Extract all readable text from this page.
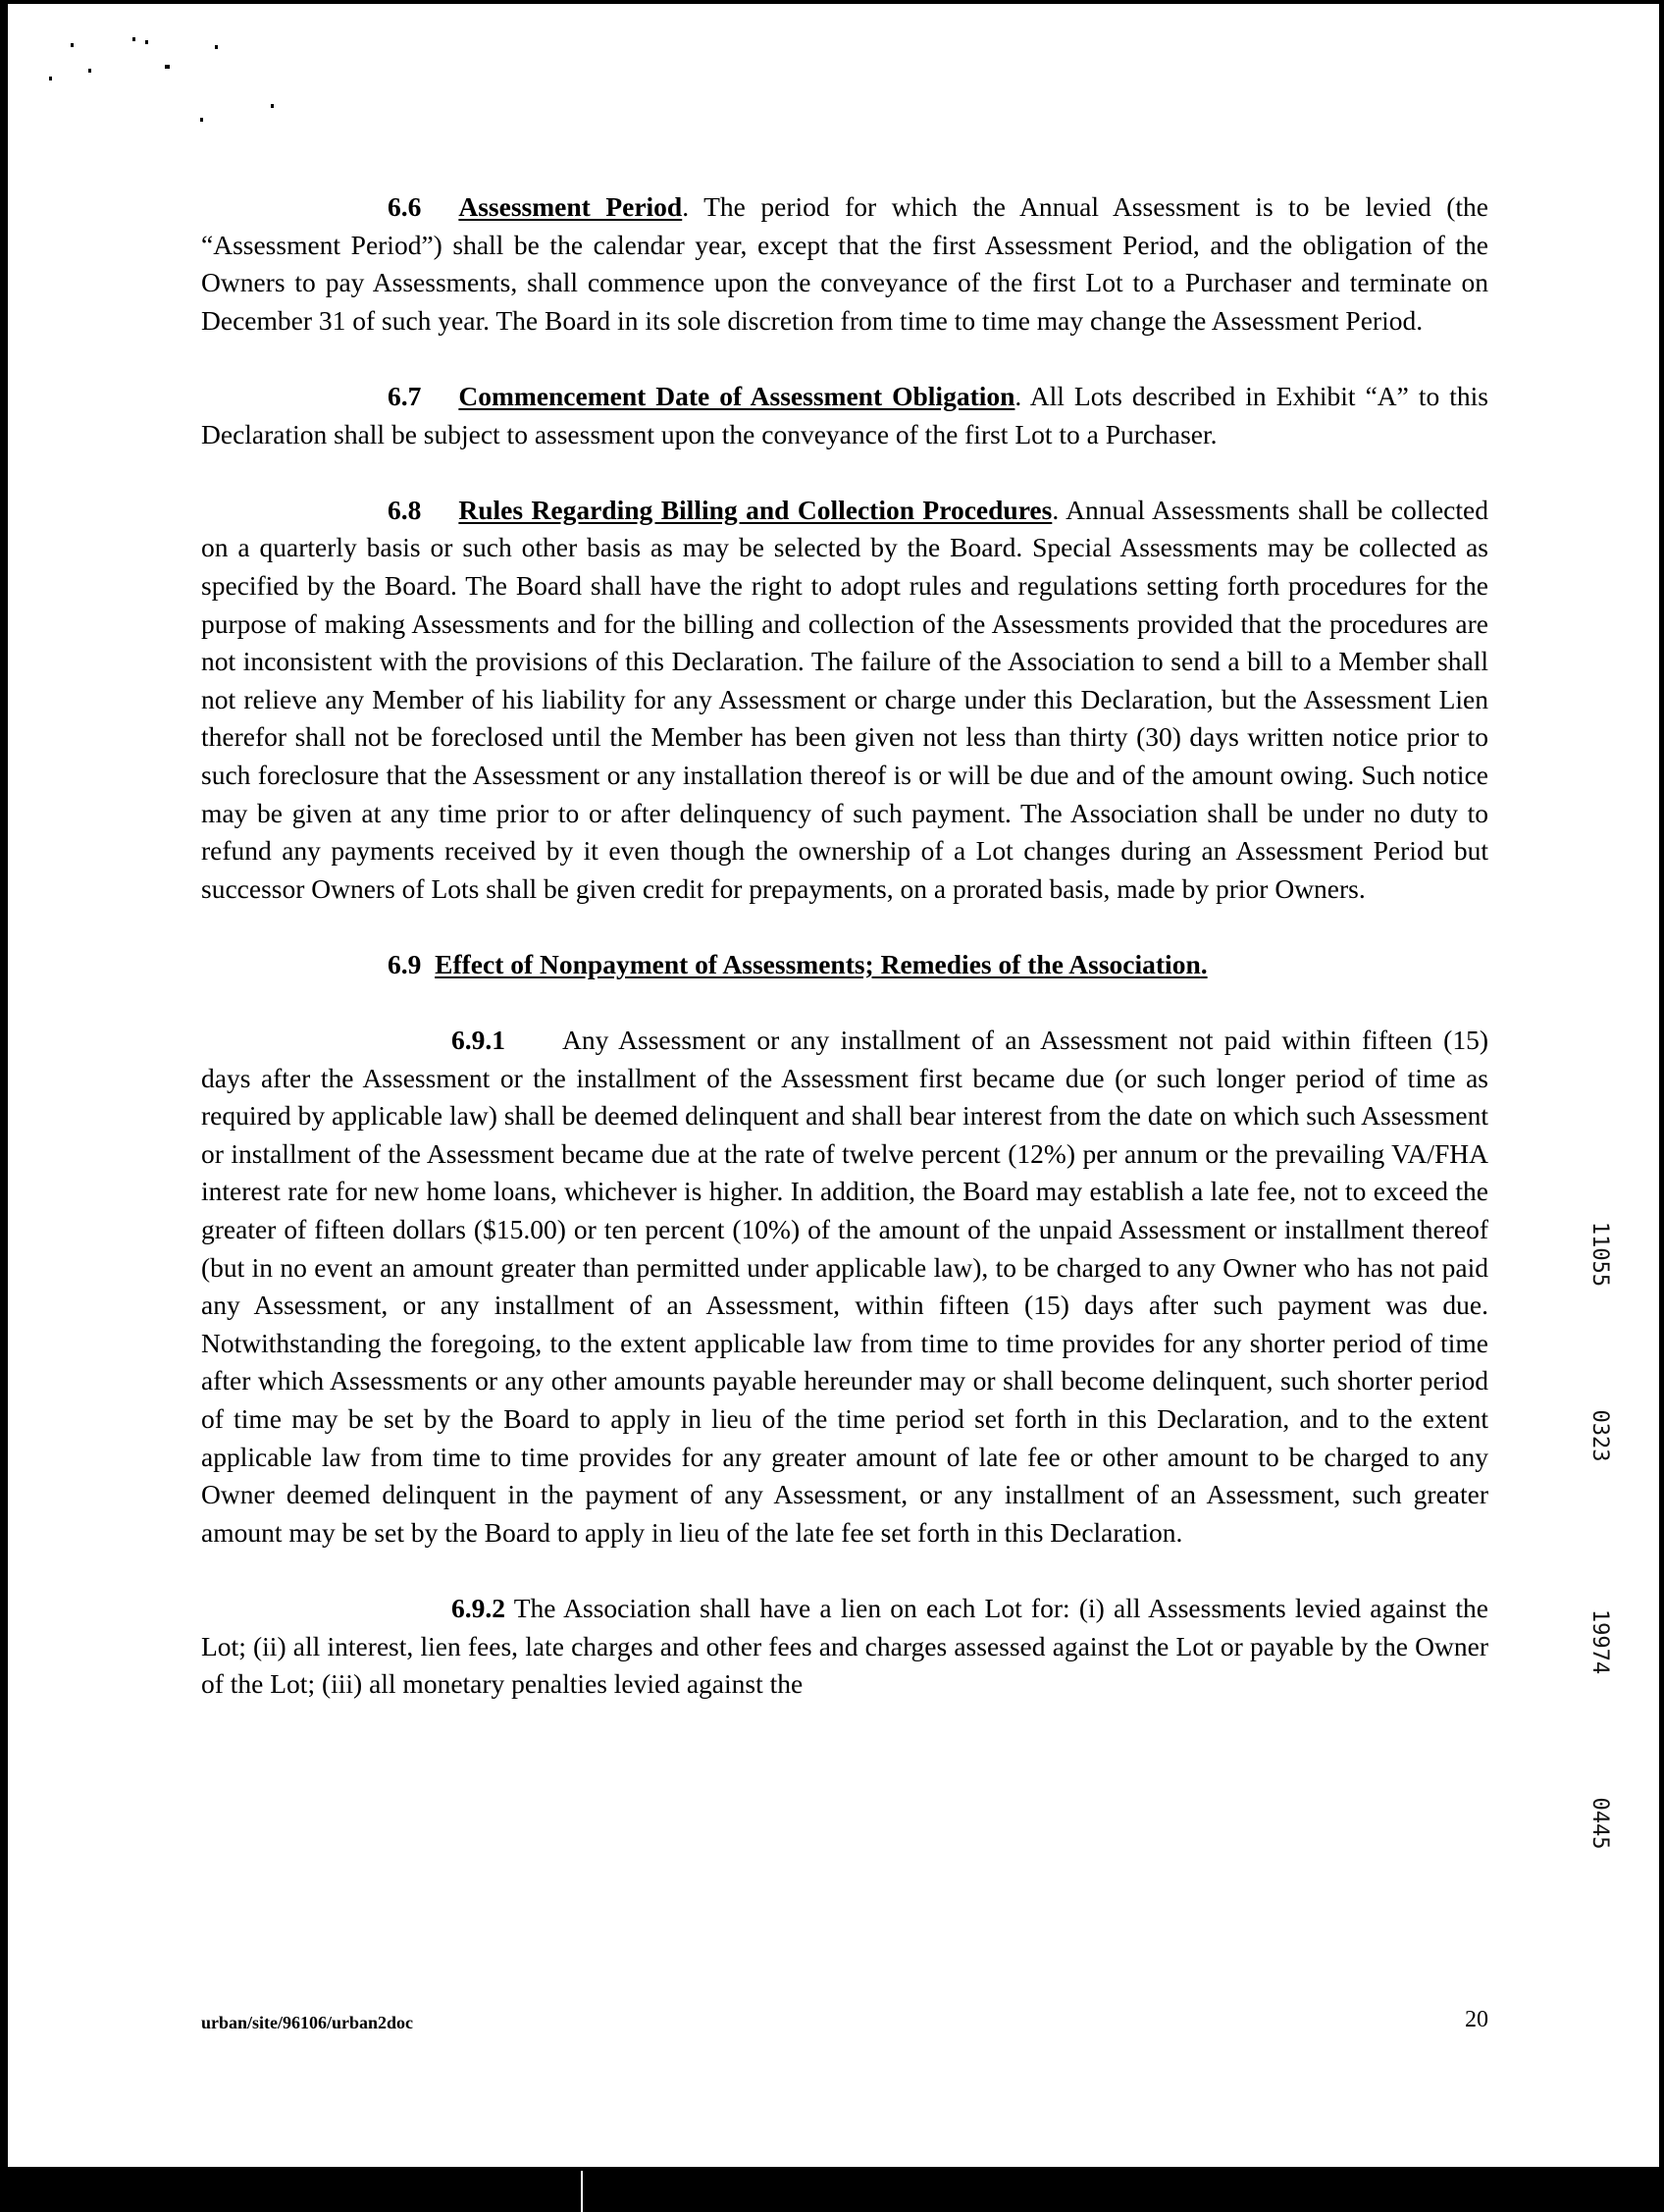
6.6 Assessment Period. The period for which the Annual Assessment is to be levied (the “Assessment Period”) shall be the calendar year, except that the first Assessment Period, and the obligation of the Owners to pay Assessments, shall commence upon the conveyance of the first Lot to a Purchaser and terminate on December 31 of such year. The Board in its sole discretion from time to time may change the Assessment Period.

6.7 Commencement Date of Assessment Obligation. All Lots described in Exhibit “A” to this Declaration shall be subject to assessment upon the conveyance of the first Lot to a Purchaser.

6.8 Rules Regarding Billing and Collection Procedures. Annual Assessments shall be collected on a quarterly basis or such other basis as may be selected by the Board. Special Assessments may be collected as specified by the Board. The Board shall have the right to adopt rules and regulations setting forth procedures for the purpose of making Assessments and for the billing and collection of the Assessments provided that the procedures are not inconsistent with the provisions of this Declaration. The failure of the Association to send a bill to a Member shall not relieve any Member of his liability for any Assessment or charge under this Declaration, but the Assessment Lien therefor shall not be foreclosed until the Member has been given not less than thirty (30) days written notice prior to such foreclosure that the Assessment or any installation thereof is or will be due and of the amount owing. Such notice may be given at any time prior to or after delinquency of such payment. The Association shall be under no duty to refund any payments received by it even though the ownership of a Lot changes during an Assessment Period but successor Owners of Lots shall be given credit for prepayments, on a prorated basis, made by prior Owners.

6.9 Effect of Nonpayment of Assessments; Remedies of the Association.

6.9.1 Any Assessment or any installment of an Assessment not paid within fifteen (15) days after the Assessment or the installment of the Assessment first became due (or such longer period of time as required by applicable law) shall be deemed delinquent and shall bear interest from the date on which such Assessment or installment of the Assessment became due at the rate of twelve percent (12%) per annum or the prevailing VA/FHA interest rate for new home loans, whichever is higher. In addition, the Board may establish a late fee, not to exceed the greater of fifteen dollars ($15.00) or ten percent (10%) of the amount of the unpaid Assessment or installment thereof (but in no event an amount greater than permitted under applicable law), to be charged to any Owner who has not paid any Assessment, or any installment of an Assessment, within fifteen (15) days after such payment was due. Notwithstanding the foregoing, to the extent applicable law from time to time provides for any shorter period of time after which Assessments or any other amounts payable hereunder may or shall become delinquent, such shorter period of time may be set by the Board to apply in lieu of the time period set forth in this Declaration, and to the extent applicable law from time to time provides for any greater amount of late fee or other amount to be charged to any Owner deemed delinquent in the payment of any Assessment, or any installment of an Assessment, such greater amount may be set by the Board to apply in lieu of the late fee set forth in this Declaration.

6.9.2 The Association shall have a lien on each Lot for: (i) all Assessments levied against the Lot; (ii) all interest, lien fees, late charges and other fees and charges assessed against the Lot or payable by the Owner of the Lot; (iii) all monetary penalties levied against the

urban/site/96106/urban2doc	20
11055
0323
19974
0445
